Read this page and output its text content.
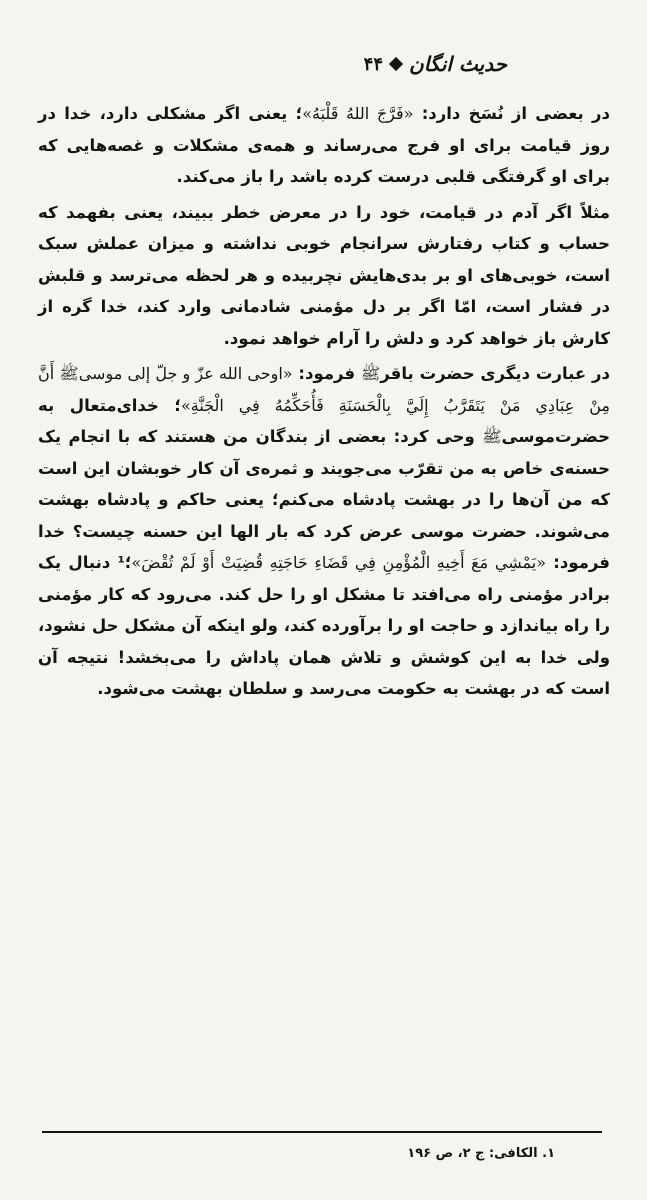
حدیث انگان
۴۴

در بعضی از نُسَخ دارد: «فَرَّجَ اللهُ قَلْبَهُ»؛ یعنی اگر مشکلی دارد، خدا در روز قیامت برای او فرج می‌رساند و همه‌ی مشکلات و غصه‌هایی که برای او گرفتگی قلبی درست کرده باشد را باز می‌کند.

مثلاً اگر آدم در قیامت، خود را در معرض خطر ببیند، یعنی بفهمد که حساب و کتاب رفتارش سرانجام خوبی نداشته و میزان عملش سبک است، خوبی‌های او بر بدی‌هایش نچربیده و هر لحظه می‌ترسد و قلبش در فشار است، امّا اگر بر دل مؤمنی شادمانی وارد کند، خدا گره از کارش باز خواهد کرد و دلش را آرام خواهد نمود.

در عبارت دیگری حضرت باقرﷺ فرمود: «اوحی الله عزّ و جلّ إلی موسیﷺ أَنَّ مِنْ عِبَادِي مَنْ يَتَقَرَّبُ إِلَيَّ بِالْحَسَنَةِ فَأُحَكِّمُهُ فِي الْجَنَّةِ»؛ خدای‌متعال به حضرت‌موسیﷺ وحی کرد: بعضی از بندگان من هستند که با انجام یک حسنه‌ی خاص به من تقرّب می‌جویند و ثمره‌ی آن کار خوبشان این است که من آن‌ها را در بهشت پادشاه می‌کنم؛ یعنی حاکم و پادشاه بهشت می‌شوند. حضرت موسی عرض کرد که بار الها این حسنه چیست؟ خدا فرمود: «يَمْشِي مَعَ أَخِيهِ الْمُؤْمِنِ فِي قَضَاءِ حَاجَتِهِ قُضِيَتْ أَوْ لَمْ تُقْضَ»؛¹ دنبال یک برادر مؤمنی راه می‌افتد تا مشکل او را حل کند. می‌رود که کار مؤمنی را راه بیاندازد و حاجت او را برآورده کند، ولو اینکه آن مشکل حل نشود، ولی خدا به این کوشش و تلاش همان پاداش را می‌بخشد! نتیجه آن است که در بهشت به حکومت می‌رسد و سلطان بهشت می‌شود.

۱. الکافی: ج ۲، ص ۱۹۶
